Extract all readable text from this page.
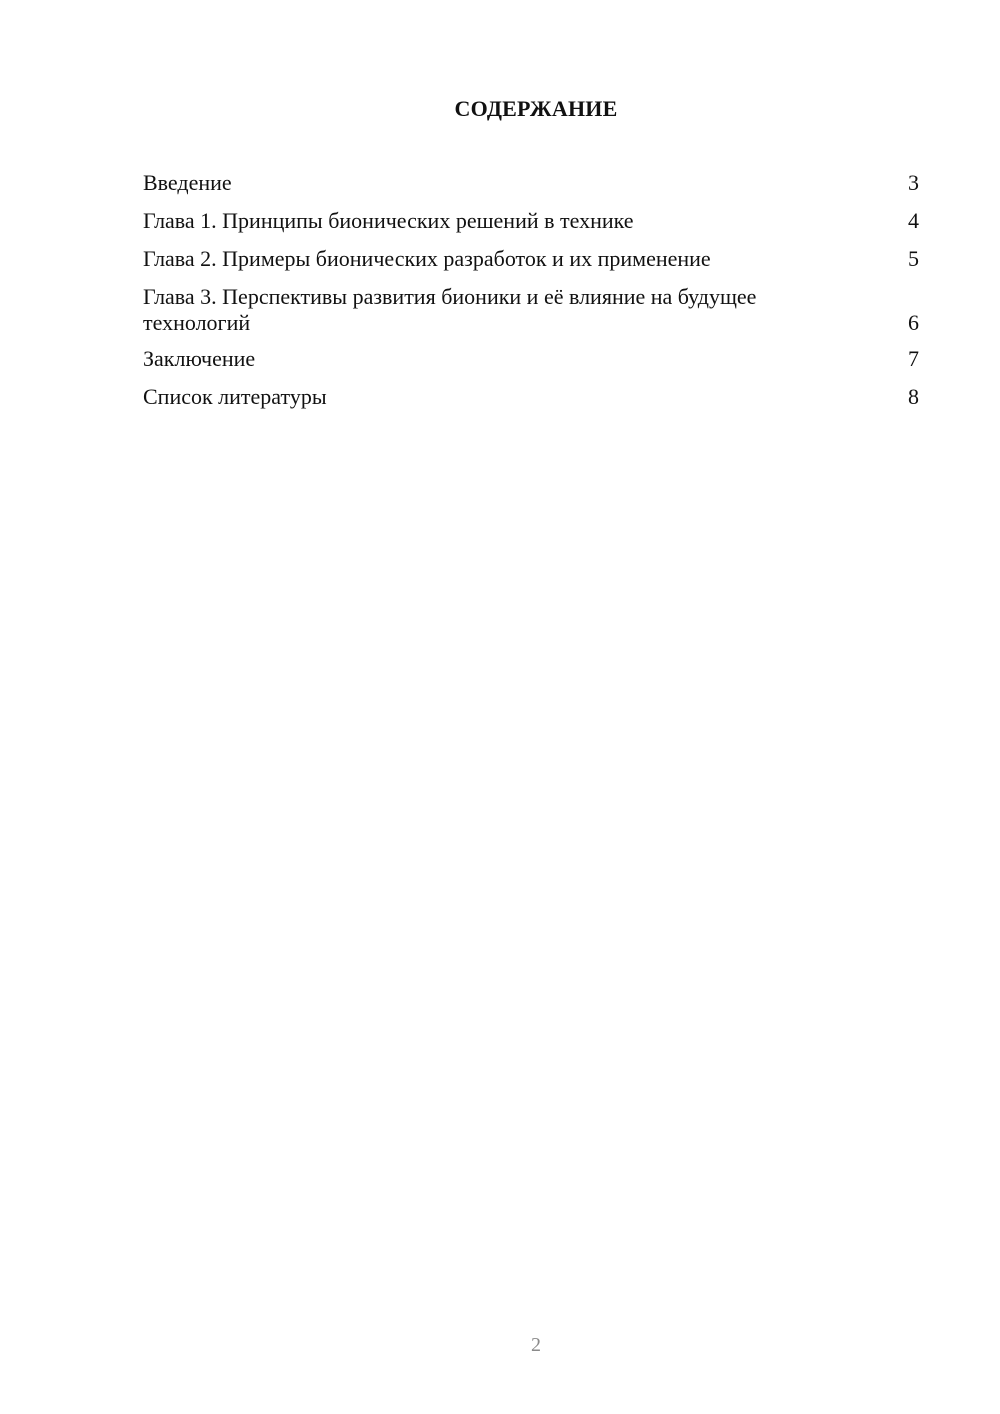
СОДЕРЖАНИЕ
Введение	3
Глава 1. Принципы бионических решений в технике	4
Глава 2. Примеры бионических разработок и их применение	5
Глава 3. Перспективы развития бионики и её влияние на будущее технологий	6
Заключение	7
Список литературы	8
2
